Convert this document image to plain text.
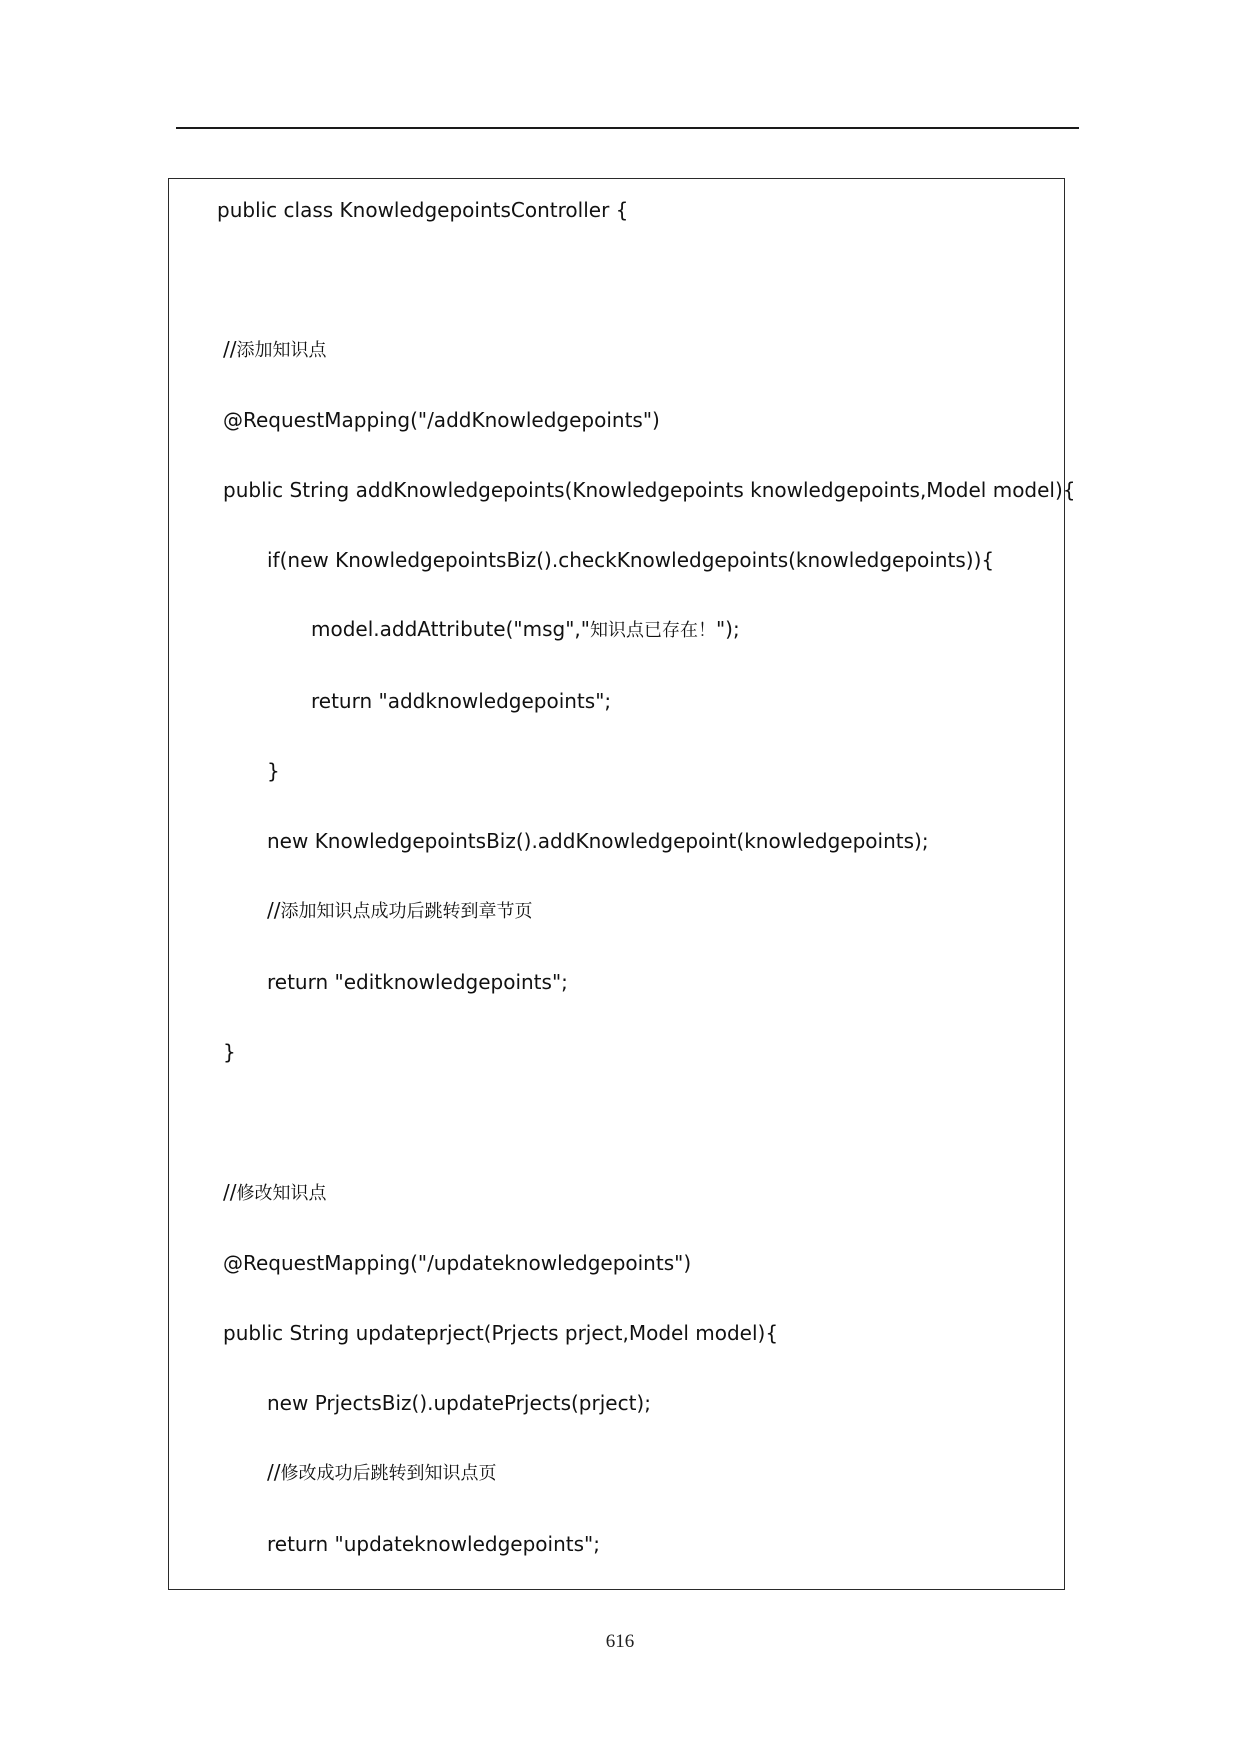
public class KnowledgepointsController {
//添加知识点
@RequestMapping("/addKnowledgepoints")
public String addKnowledgepoints(Knowledgepoints knowledgepoints,Model model){
if(new KnowledgepointsBiz().checkKnowledgepoints(knowledgepoints)){
model.addAttribute("msg","知识点已存在！");
return "addknowledgepoints";
}
new KnowledgepointsBiz().addKnowledgepoint(knowledgepoints);
//添加知识点成功后跳转到章节页
return "editknowledgepoints";
}
//修改知识点
@RequestMapping("/updateknowledgepoints")
public String updateprject(Prjects prject,Model model){
new PrjectsBiz().updatePrjects(prject);
//修改成功后跳转到知识点页
return "updateknowledgepoints";
616
